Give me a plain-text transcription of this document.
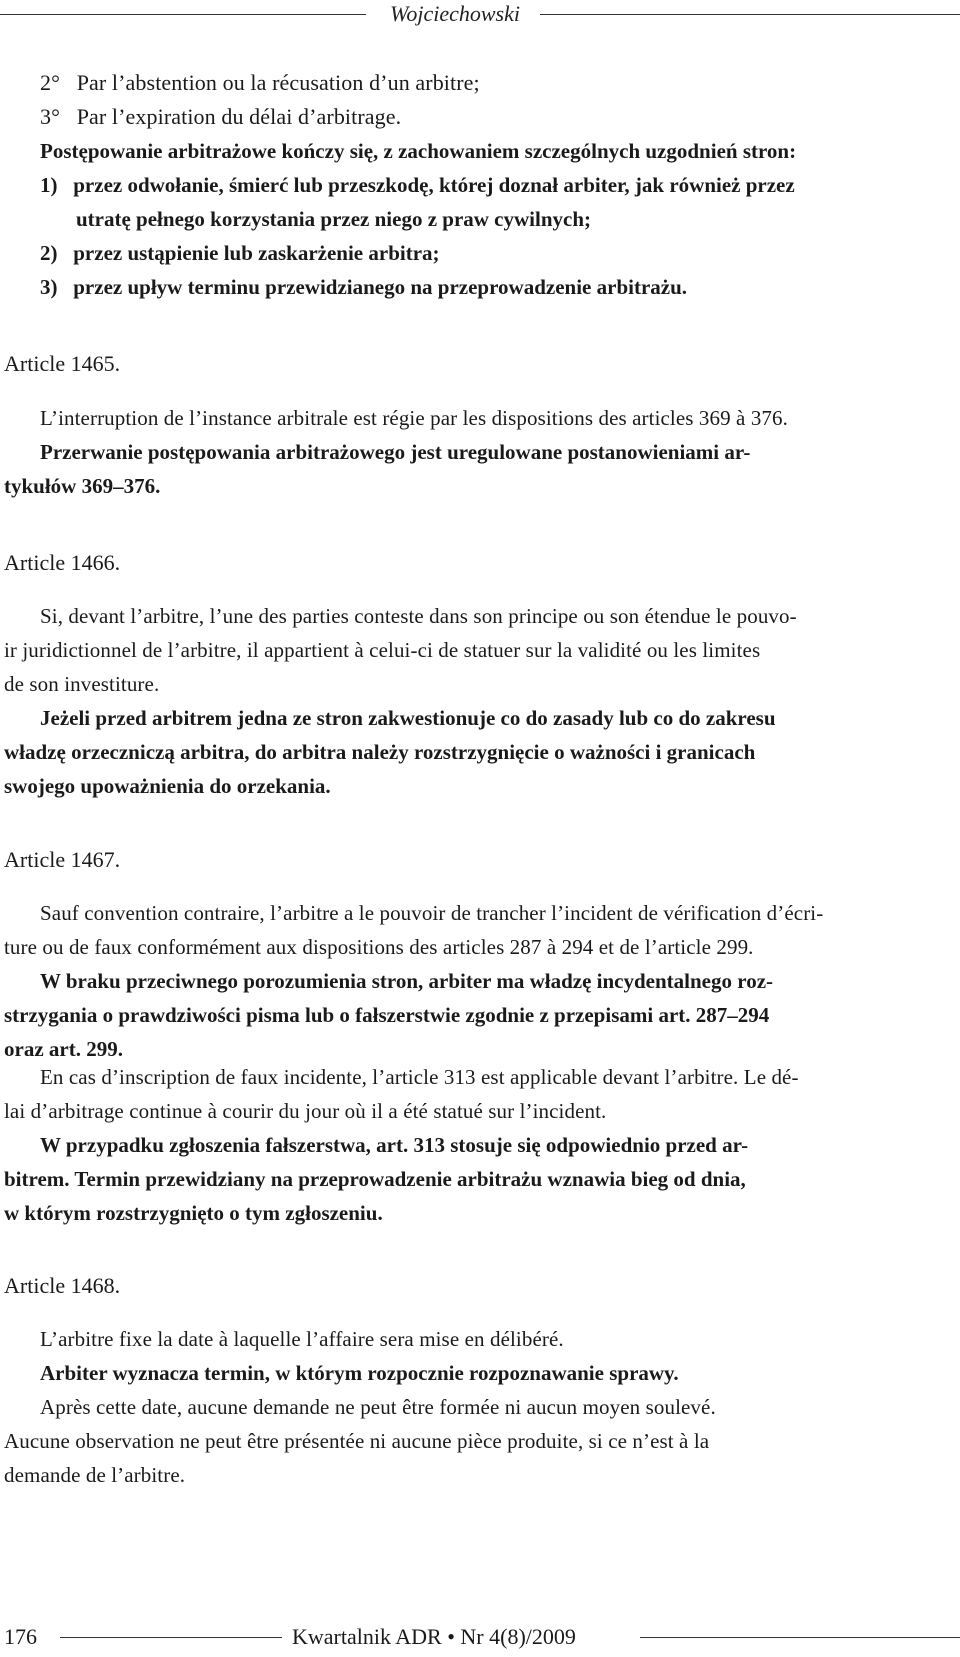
Wojciechowski
2°  Par l’abstention ou la récusation d’un arbitre;
3°  Par l’expiration du délai d’arbitrage.
Postępowanie arbitrażowe kończy się, z zachowaniem szczególnych uzgodnień stron:
1)  przez odwołanie, śmierć lub przeszkodę, której doznał arbiter, jak również przez
utratę pełnego korzystania przez niego z praw cywilnych;
2)  przez ustąpienie lub zaskarżenie arbitra;
3)  przez upływ terminu przewidzianego na przeprowadzenie arbitrażu.
Article 1465.
L’interruption de l’instance arbitrale est régie par les dispositions des articles 369 à 376.
Przerwanie postępowania arbitrażowego jest uregulowane postanowieniami ar-
tykułów 369–376.
Article 1466.
Si, devant l’arbitre, l’une des parties conteste dans son principe ou son étendue le pouvo-
ir juridictionnel de l’arbitre, il appartient à celui-ci de statuer sur la validité ou les limites
de son investiture.
Jeżeli przed arbitrem jedna ze stron zakwestionuje co do zasady lub co do zakresu
władzę orzeczniczą arbitra, do arbitra należy rozstrzygnięcie o ważności i granicach
swojego upoważnienia do orzekania.
Article 1467.
Sauf convention contraire, l’arbitre a le pouvoir de trancher l’incident de vérification d’écri-
ture ou de faux conformément aux dispositions des articles 287 à 294 et de l’article 299.
W braku przeciwnego porozumienia stron, arbiter ma władzę incydentalnego roz-
strzygania o prawdziwości pisma lub o fałszerstwie zgodnie z przepisami art. 287–294
oraz art. 299.
En cas d’inscription de faux incidente, l’article 313 est applicable devant l’arbitre. Le dé-
lai d’arbitrage continue à courir du jour où il a été statué sur l’incident.
W przypadku zgłoszenia fałszerstwa, art. 313 stosuje się odpowiednio przed ar-
bitrem. Termin przewidziany na przeprowadzenie arbitrażu wznawia bieg od dnia,
w którym rozstrzygnięto o tym zgłoszeniu.
Article 1468.
L’arbitre fixe la date à laquelle l’affaire sera mise en délibéré.
Arbiter wyznacza termin, w którym rozpocznie rozpoznawanie sprawy.
Après cette date, aucune demande ne peut être formée ni aucun moyen soulevé.
Aucune observation ne peut être présentée ni aucune pièce produite, si ce n’est à la
demande de l’arbitre.
176	Kwartalnik ADR • Nr 4(8)/2009
